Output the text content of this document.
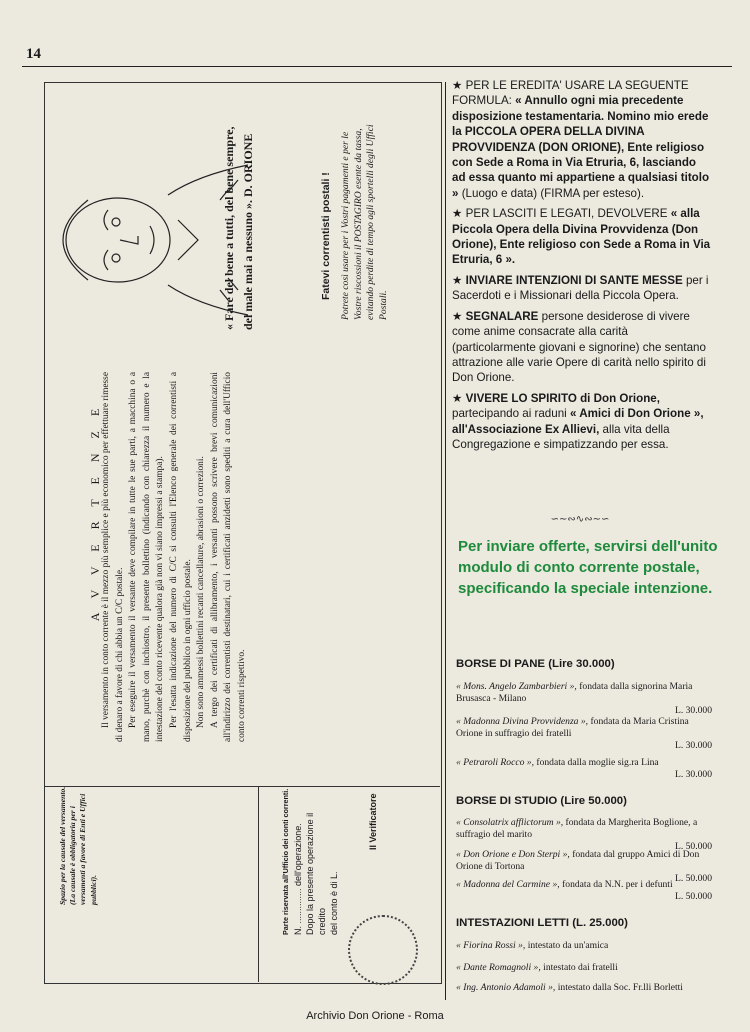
14
A V V E R T E N Z E Il versamento in conto corrente è il mezzo più semplice e più economico per effettuare rimesse di denaro a favore di chi abbia un C/C postale. Per eseguire il versamento il versante deve compilare in tutte le sue parti, a macchina o a mano, purchè con inchiostro, il presente bollettino (indicando con chiarezza il numero e la intestazione del conto ricevente qualora già non vi siano impressi a stampa). Per l'esatta indicazione del numero di C/C si consulti l'Elenco generale dei correntisti a disposizione del pubblico in ogni ufficio postale. Non sono ammessi bollettini recanti cancellature, abrasioni o correzioni. A tergo dei certificati di allibramento, i versanti possono scrivere brevi comunicazioni all'indirizzo dei correntisti destinatari, cui i certificati anzidetti sono spediti a cura dell'Ufficio conto correnti rispettivo.

« Fare del bene a tutti, del bene sempre, del male mai a nessuno ». D. ORIONE
Fatevi correntisti postali ! Potrete così usare per i Vostri pagamenti e per le Vostre riscossioni il POSTAGIRO esente da tassa, evitando perdite di tempo agli sportelli degli Uffici Postali.
Spazio per la causale del versamento. (La causale è obbligatoria per i versamenti a favore di Enti e Uffici pubblici).	Parte riservata all'Ufficio dei conti correnti. N. .............. dell'operazione. Dopo la presente operazione il credito del conto è di L.
Il Verificatore

★ PER LE EREDITA' USARE LA SEGUENTE FORMULA: « Annullo ogni mia precedente disposizione testamentaria. Nomino mio erede la PICCOLA OPERA DELLA DIVINA PROVVIDENZA (DON ORIONE), Ente religioso con Sede a Roma in Via Etruria, 6, lasciando ad essa quanto mi appartiene a qualsiasi titolo » (Luogo e data) (FIRMA per esteso).

★ PER LASCITI E LEGATI, DEVOLVERE « alla Piccola Opera della Divina Provvidenza (Don Orione), Ente religioso con Sede a Roma in Via Etruria, 6 ».

★ INVIARE INTENZIONI DI SANTE MESSE per i Sacerdoti e i Missionari della Piccola Opera.

★ SEGNALARE persone desiderose di vivere come anime consacrate alla carità (particolarmente giovani e signorine) che sentano attrazione alle varie Opere di carità nello spirito di Don Orione.

★ VIVERE LO SPIRITO di Don Orione, partecipando ai raduni « Amici di Don Orione », all'Associazione Ex Allievi, alla vita della Congregazione e simpatizzando per essa.

∽∼∾∿∾∼∽
Per inviare offerte, servirsi dell'unito modulo di conto corrente postale, specificando la speciale intenzione.
BORSE DI PANE (Lire 30.000)
« Mons. Angelo Zambarbieri », fondata dalla signorina Maria Brusasca - Milano
L. 30.000
« Madonna Divina Provvidenza », fondata da Maria Cristina Orione in suffragio dei fratelli
L. 30.000
« Petraroli Rocco », fondata dalla moglie sig.ra Lina
L. 30.000
BORSE DI STUDIO (Lire 50.000)
« Consolatrix afflictorum », fondata da Margherita Boglione, a suffragio del marito
L. 50.000
« Don Orione e Don Sterpi », fondata dal gruppo Amici di Don Orione di Tortona
L. 50.000
« Madonna del Carmine », fondata da N.N. per i defunti
L. 50.000
INTESTAZIONI LETTI (L. 25.000)
« Fiorina Rossi », intestato da un'amica
« Dante Romagnoli », intestato dai fratelli
« Ing. Antonio Adamoli », intestato dalla Soc. Fr.lli Borletti
Archivio Don Orione - Roma
